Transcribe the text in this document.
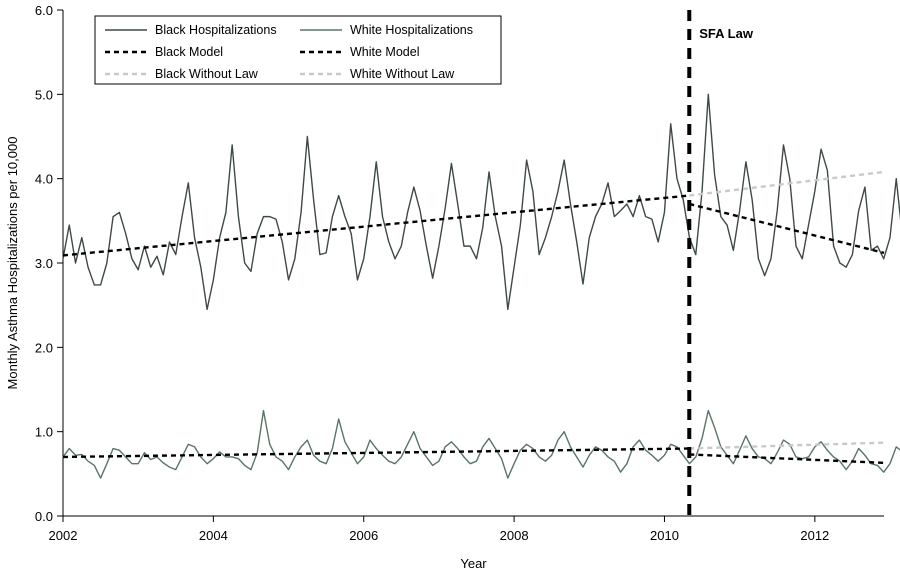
0.0
1.0
2.0
3.0
4.0
5.0
6.0
2002	2004	2006	2008	2010	2012
Year
Monthly Asthma Hospitalizations per 10,000
SFA Law
Black Hospitalizations
Black Model
Black Without Law
White Hospitalizations
White Model
White Without Law
